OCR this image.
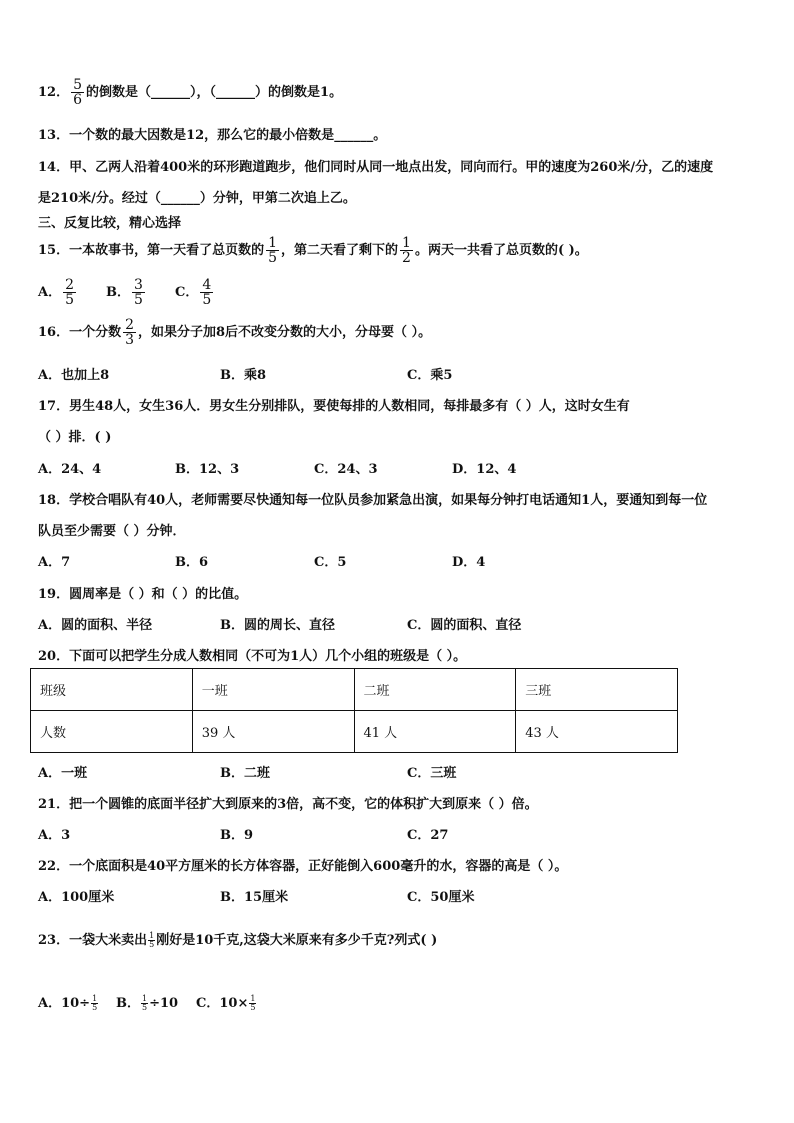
12． $\frac{5}{6}$ 的倒数是（______），（______）的倒数是1。
13．一个数的最大因数是12，那么它的最小倍数是______。
14．甲、乙两人沿着400米的环形跑道跑步，他们同时从同一地点出发，同向而行。甲的速度为260米/分，乙的速度
是210米/分。经过（______）分钟，甲第二次追上乙。
三、反复比较，精心选择
15．一本故事书，第一天看了总页数的 $\frac{1}{5}$ ，第二天看了剩下的 $\frac{1}{2}$ 。两天一共看了总页数的( )。
A． $\frac{2}{5}$ B． $\frac{3}{5}$ C． $\frac{4}{5}$
16．一个分数 $\frac{2}{3}$ ，如果分子加8后不改变分数的大小，分母要（ ）。
A．也加上8	B．乘8	C．乘5
17．男生48人，女生36人．男女生分别排队，要使每排的人数相同，每排最多有（ ）人，这时女生有
（ ）排．( )
A．24、4	B．12、3	C．24、3	D．12、4
18．学校合唱队有40人，老师需要尽快通知每一位队员参加紧急出演，如果每分钟打电话通知1人，要通知到每一位
队员至少需要（ ）分钟．
A．7	B．6	C．5	D．4
19．圆周率是（ ）和（ ）的比值。
A．圆的面积、半径	B．圆的周长、直径	C．圆的面积、直径
20．下面可以把学生分成人数相同（不可为1人）几个小组的班级是（ ）。
班级	一班	二班	三班
人数	39 人	41 人	43 人
A．一班	B．二班	C．三班
21．把一个圆锥的底面半径扩大到原来的3倍，高不变，它的体积扩大到原来（ ）倍。
A．3	B．9	C．27
22．一个底面积是40平方厘米的长方体容器，正好能倒入600毫升的水，容器的高是（ ）。
A．100厘米	B．15厘米	C．50厘米
23．一袋大米卖出 $\frac{1}{5}$ 刚好是10千克,这袋大米原来有多少千克?列式( )
A．$10\div \frac{1}{5}$ B． $\frac{1}{5} \div 10$ C．$10\times \frac{1}{5}$
